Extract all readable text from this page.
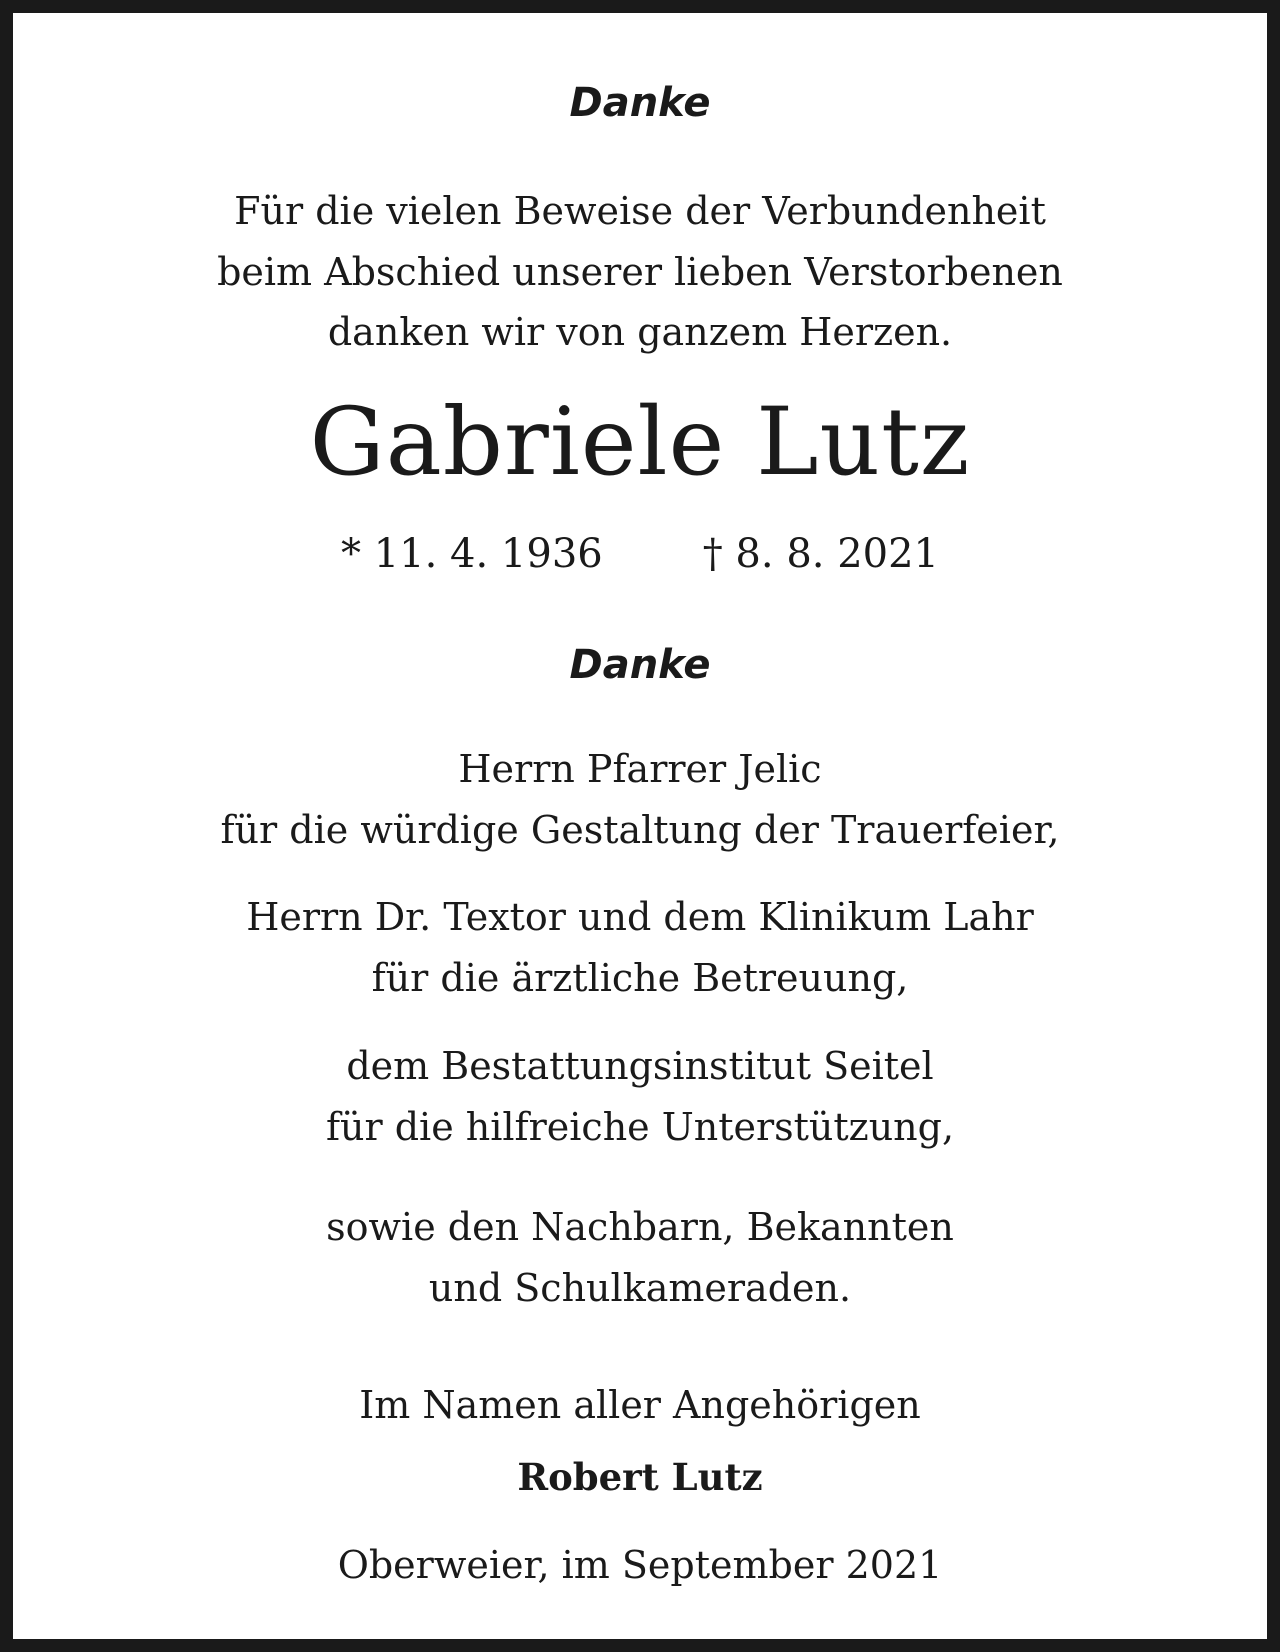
Danke
Für die vielen Beweise der Verbundenheit
beim Abschied unserer lieben Verstorbenen
danken wir von ganzem Herzen.
Gabriele Lutz
* 11. 4. 1936	† 8. 8. 2021
Danke
Herrn Pfarrer Jelic
für die würdige Gestaltung der Trauerfeier,
Herrn Dr. Textor und dem Klinikum Lahr
für die ärztliche Betreuung,
dem Bestattungsinstitut Seitel
für die hilfreiche Unterstützung,
sowie den Nachbarn, Bekannten
und Schulkameraden.
Im Namen aller Angehörigen
Robert Lutz
Oberweier, im September 2021
